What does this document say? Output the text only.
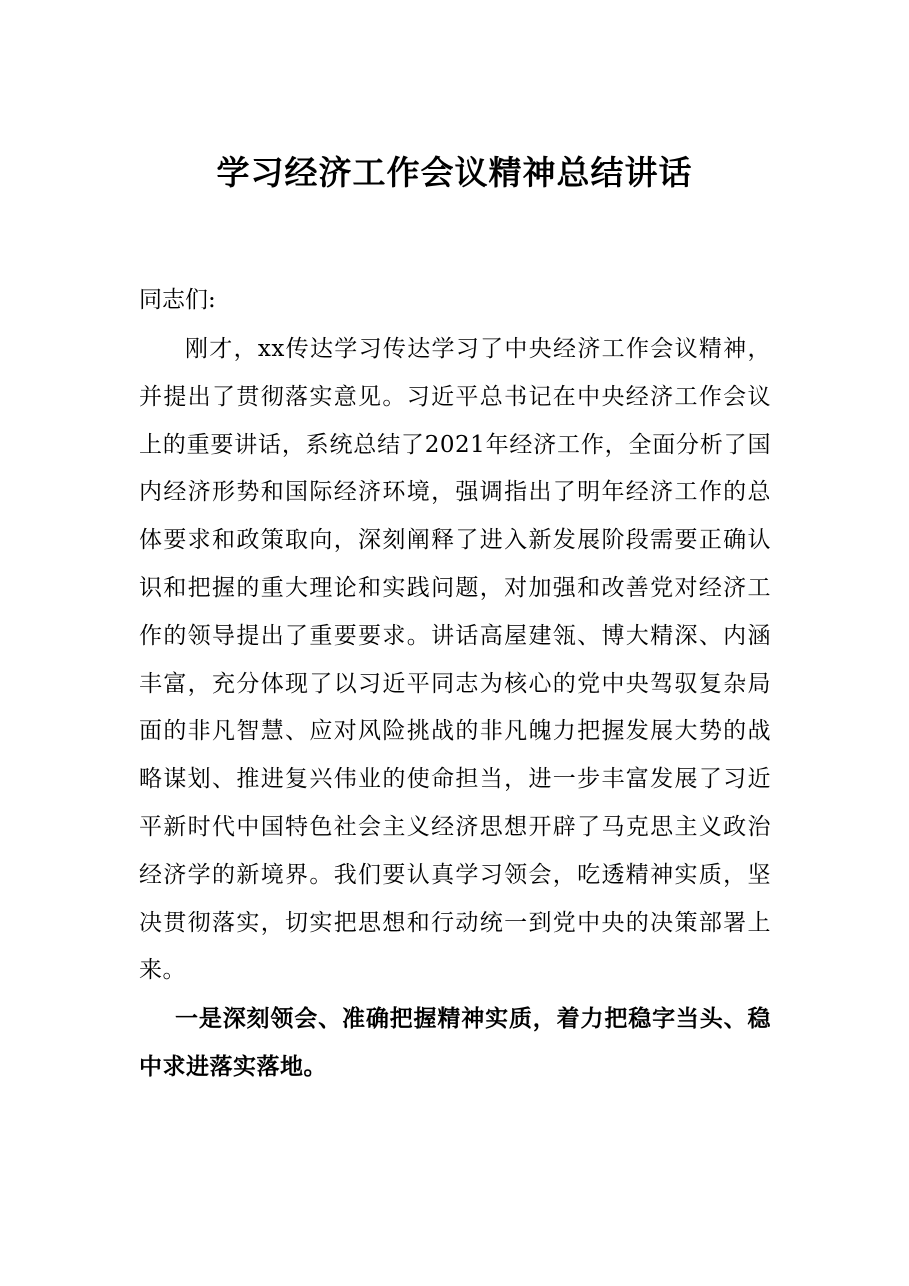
学习经济工作会议精神总结讲话

同志们:

刚才，xx传达学习传达学习了中央经济工作会议精神，并提出了贯彻落实意见。习近平总书记在中央经济工作会议上的重要讲话，系统总结了2021年经济工作，全面分析了国内经济形势和国际经济环境，强调指出了明年经济工作的总体要求和政策取向，深刻阐释了进入新发展阶段需要正确认识和把握的重大理论和实践问题，对加强和改善党对经济工作的领导提出了重要要求。讲话高屋建瓴、博大精深、内涵丰富，充分体现了以习近平同志为核心的党中央驾驭复杂局面的非凡智慧、应对风险挑战的非凡魄力把握发展大势的战略谋划、推进复兴伟业的使命担当，进一步丰富发展了习近平新时代中国特色社会主义经济思想开辟了马克思主义政治经济学的新境界。我们要认真学习领会，吃透精神实质，坚决贯彻落实，切实把思想和行动统一到党中央的决策部署上来。

一是深刻领会、准确把握精神实质，着力把稳字当头、稳中求进落实落地。
